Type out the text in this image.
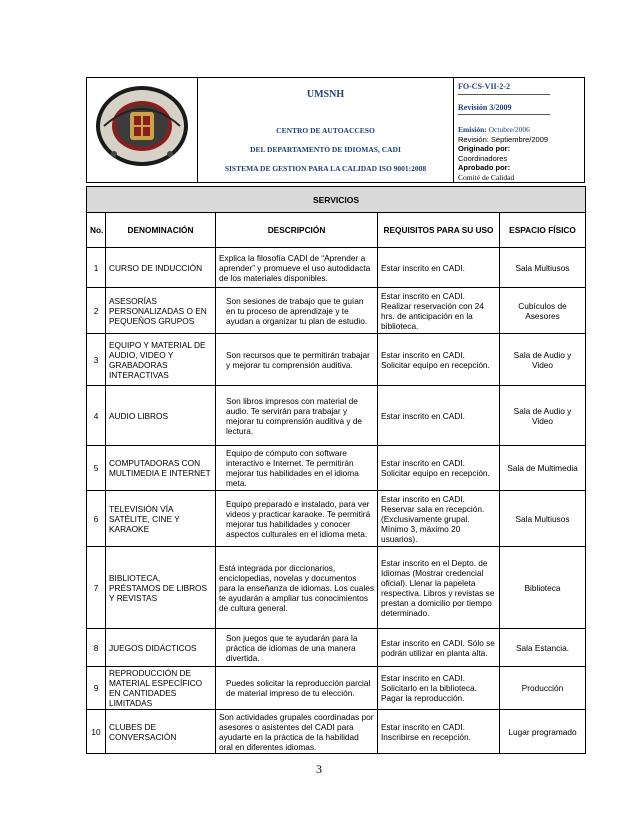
UMSNH
CENTRO DE AUTOACCESO
DEL DEPARTAMENTO DE IDIOMAS, CADI
SISTEMA DE GESTION PARA LA CALIDAD ISO 9001:2008

FO-CS-VII-2-2
Revisión 3/2009
Emisión: Octubre/2006
Revisión: Septiembre/2009
Originado por:
Coordinadores
Aprobado por:
Comité de Calidad
SERVICIOS				
No.	DENOMINACIÓN	DESCRIPCIÓN	REQUISITOS PARA SU USO	ESPACIO FÍSICO
1	CURSO DE INDUCCIÓN	Explica la filosofía CADI de “Aprender a aprender” y promueve el uso autodidacta de los materiales disponibles.	Estar inscrito en CADI.	Sala Multiusos
2	ASESORÍAS PERSONALIZADAS O EN PEQUEÑOS GRUPOS	Son sesiones de trabajo que te guían en tu proceso de aprendizaje y te ayudan a organizar tu plan de estudio.	Estar inscrito en CADI. Realizar reservación con 24 hrs. de anticipación en la biblioteca.	Cubículos de Asesores
3	EQUIPO Y MATERIAL DE AUDIO, VIDEO Y GRABADORAS INTERACTIVAS	Son recursos que te permitirán trabajar y mejorar tu comprensión auditiva.	Estar inscrito en CADI. Solicitar equipo en recepción.	Sala de Audio y Video
4	AUDIO LIBROS	Son libros impresos con material de audio. Te servirán para trabajar y mejorar tu comprensión auditiva y de lectura.	Estar inscrito en CADI.	Sala de Audio y Video
5	COMPUTADORAS CON MULTIMEDIA E INTERNET	Equipo de cómputo con software interactivo e Internet. Te permitirán mejorar tus habilidades en el idioma meta.	Estar inscrito en CADI. Solicitar equipo en recepción.	Sala de Multimedia
6	TELEVISIÓN VÍA SATÉLITE, CINE Y KARAOKE	Equipo preparado e instalado, para ver videos y practicar karaoke. Te permitirá mejorar tus habilidades y conocer aspectos culturales en el idioma meta.	Estar inscrito en CADI. Reservar sala en recepción. (Exclusivamente grupal. Mínimo 3, máximo 20 usuarios).	Sala Multiusos
7	BIBLIOTECA, PRÉSTAMOS DE LIBROS Y REVISTAS	Está integrada por diccionarios, enciclopedias, novelas y documentos para la enseñanza de idiomas. Los cuales te ayudarán a ampliar tus conocimientos de cultura general.	Estar inscrito en el Depto. de Idiomas (Mostrar credencial oficial). Llenar la papeleta respectiva. Libros y revistas se prestan a domicilio por tiempo determinado.	Biblioteca
8	JUEGOS DIDÁCTICOS	Son juegos que te ayudarán para la práctica de idiomas de una manera divertida.	Estar inscrito en CADI. Sólo se podrán utilizar en planta alta.	Sala Estancia.
9	REPRODUCCIÓN DE MATERIAL ESPECÍFICO EN CANTIDADES LIMITADAS	Puedes solicitar la reproducción parcial de material impreso de tu elección.	Estar inscrito en CADI. Solicitarlo en la biblioteca. Pagar la reproducción.	Producción
10	CLUBES DE CONVERSACIÓN	Son actividades grupales coordinadas por asesores o asistentes del CADI para ayudarte en la práctica de la habilidad oral en diferentes idiomas.	Estar inscrito en CADI. Inscribirse en recepción.	Lugar programado
3
